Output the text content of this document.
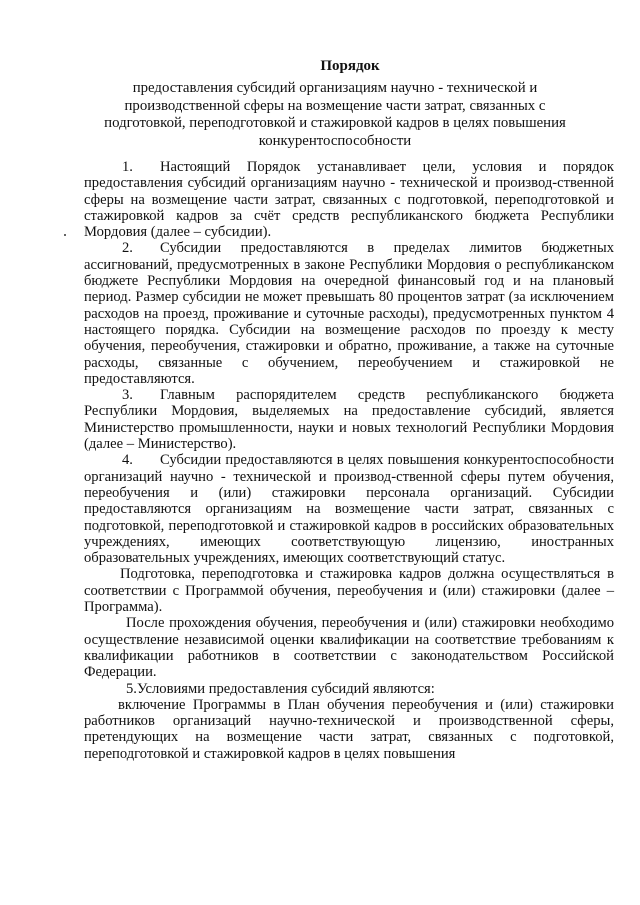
Порядок
предоставления субсидий организациям научно - технической и производственной сферы на возмещение части затрат, связанных с подготовкой, переподготовкой и стажировкой кадров в целях повышения конкурентоспособности

1. Настоящий Порядок устанавливает цели, условия и порядок предоставления субсидий организациям научно - технической и производ-ственной сферы на возмещение части затрат, связанных с подготовкой, переподготовкой и стажировкой кадров за счёт средств республиканского бюджета Республики Мордовия (далее – субсидии).

2. Субсидии предоставляются в пределах лимитов бюджетных ассигнований, предусмотренных в законе Республики Мордовия о республиканском бюджете Республики Мордовия на очередной финансовый год и на плановый период. Размер субсидии не может превышать 80 процентов затрат (за исключением расходов на проезд, проживание и суточные расходы), предусмотренных пунктом 4 настоящего порядка. Субсидии на возмещение расходов по проезду к месту обучения, переобучения, стажировки и обратно, проживание, а также на суточные расходы, связанные с обучением, переобучением и стажировкой не предоставляются.

3. Главным распорядителем средств республиканского бюджета Республики Мордовия, выделяемых на предоставление субсидий, является Министерство промышленности, науки и новых технологий Республики Мордовия (далее – Министерство).

4. Субсидии предоставляются в целях повышения конкурентоспособности организаций научно - технической и производ-ственной сферы путем обучения, переобучения и (или) стажировки персонала организаций. Субсидии предоставляются организациям на возмещение части затрат, связанных с подготовкой, переподготовкой и стажировкой кадров в российских образовательных учреждениях, имеющих соответствующую лицензию, иностранных образовательных учреждениях, имеющих соответствующий статус.

Подготовка, переподготовка и стажировка кадров должна осуществляться в соответствии с Программой обучения, переобучения и (или) стажировки (далее – Программа).

После прохождения обучения, переобучения и (или) стажировки необходимо осуществление независимой оценки квалификации на соответствие требованиям к квалификации работников в соответствии с законодательством Российской Федерации.

5.Условиями предоставления субсидий являются:

включение Программы в План обучения переобучения и (или) стажировки работников организаций научно-технической и производственной сферы, претендующих на возмещение части затрат, связанных с подготовкой, переподготовкой и стажировкой кадров в целях повышения
